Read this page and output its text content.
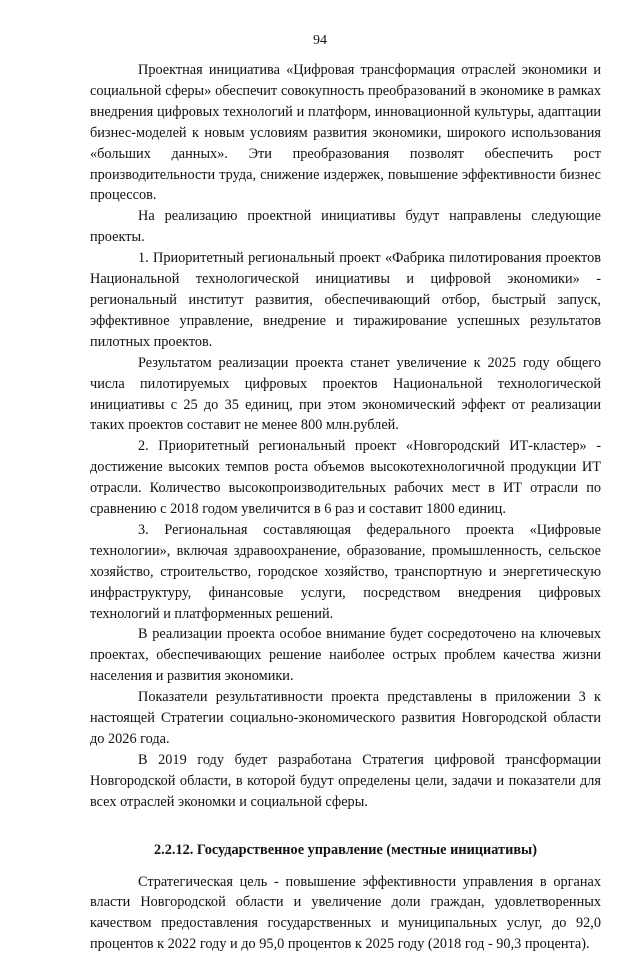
94

Проектная инициатива «Цифровая трансформация отраслей экономики и социальной сферы» обеспечит совокупность преобразований в экономике в рамках внедрения цифровых технологий и платформ, инновационной культуры, адаптации бизнес-моделей к новым условиям развития экономики, широкого использования «больших данных». Эти преобразования позволят обеспечить рост производительности труда, снижение издержек, повышение эффективности бизнес процессов.

На реализацию проектной инициативы будут направлены следующие проекты.

1. Приоритетный региональный проект «Фабрика пилотирования проектов Национальной технологической инициативы и цифровой экономики» - региональный институт развития, обеспечивающий отбор, быстрый запуск, эффективное управление, внедрение и тиражирование успешных результатов пилотных проектов.

Результатом реализации проекта станет увеличение к 2025 году общего числа пилотируемых цифровых проектов Национальной технологической инициативы с 25 до 35 единиц, при этом экономический эффект от реализации таких проектов составит не менее 800 млн.рублей.

2. Приоритетный региональный проект «Новгородский ИТ-кластер» - достижение высоких темпов роста объемов высокотехнологичной продукции ИТ отрасли. Количество высокопроизводительных рабочих мест в ИТ отрасли по сравнению с 2018 годом увеличится в 6 раз и составит 1800 единиц.

3. Региональная составляющая федерального проекта «Цифровые технологии», включая здравоохранение, образование, промышленность, сельское хозяйство, строительство, городское хозяйство, транспортную и энергетическую инфраструктуру, финансовые услуги, посредством внедрения цифровых технологий и платформенных решений.

В реализации проекта особое внимание будет сосредоточено на ключевых проектах, обеспечивающих решение наиболее острых проблем качества жизни населения и развития экономики.

Показатели результативности проекта представлены в приложении 3 к настоящей Стратегии социально-экономического развития Новгородской области до 2026 года.

В 2019 году будет разработана Стратегия цифровой трансформации Новгородской области, в которой будут определены цели, задачи и показатели для всех отраслей экономки и социальной сферы.

2.2.12. Государственное управление (местные инициативы)

Стратегическая цель - повышение эффективности управления в органах власти Новгородской области и увеличение доли граждан, удовлетворенных качеством предоставления государственных и муниципальных услуг, до 92,0 процентов к 2022 году и до 95,0 процентов к 2025 году (2018 год - 90,3 процента).
